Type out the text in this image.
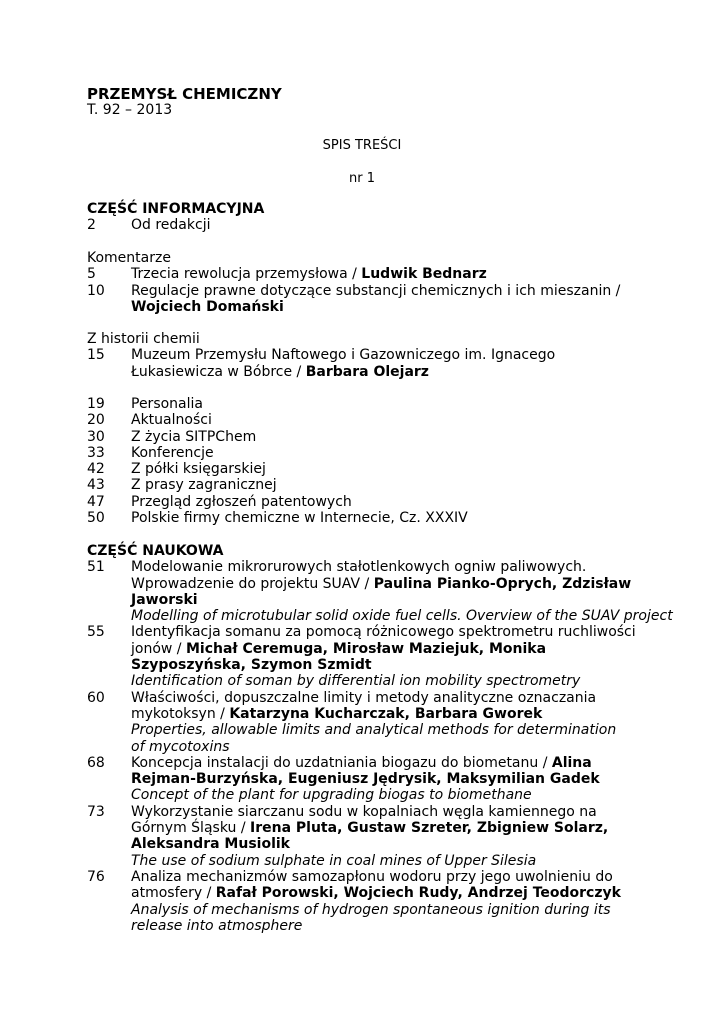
PRZEMYSŁ CHEMICZNY
T. 92 – 2013
SPIS TREŚCI
nr 1
CZĘŚĆ INFORMACYJNA
2	Od redakcji
Komentarze
5	Trzecia rewolucja przemysłowa / Ludwik Bednarz
10	Regulacje prawne dotyczące substancji chemicznych i ich mieszanin / Wojciech Domański
Z historii chemii
15	Muzeum Przemysłu Naftowego i Gazowniczego im. Ignacego Łukasiewicza w Bóbrce / Barbara Olejarz
19	Personalia
20	Aktualności
30	Z życia SITPChem
33	Konferencje
42	Z półki księgarskiej
43	Z prasy zagranicznej
47	Przegląd zgłoszeń patentowych
50	Polskie firmy chemiczne w Internecie, Cz. XXXIV
CZĘŚĆ NAUKOWA
51	Modelowanie mikrorurowych stałotlenkowych ogniw paliwowych. Wprowadzenie do projektu SUAV / Paulina Pianko-Oprych, Zdzisław Jaworski
Modelling of microtubular solid oxide fuel cells. Overview of the SUAV project
55	Identyfikacja somanu za pomocą różnicowego spektrometru ruchliwości jonów / Michał Ceremuga, Mirosław Maziejuk, Monika Szyposzyńska, Szymon Szmidt
Identification of soman by differential ion mobility spectrometry
60	Właściwości, dopuszczalne limity i metody analityczne oznaczania mykotoksyn / Katarzyna Kucharczak, Barbara Gworek
Properties, allowable limits and analytical methods for determination of mycotoxins
68	Koncepcja instalacji do uzdatniania biogazu do biometanu / Alina Rejman-Burzyńska, Eugeniusz Jędrysik, Maksymilian Gadek
Concept of the plant for upgrading biogas to biomethane
73	Wykorzystanie siarczanu sodu w kopalniach węgla kamiennego na Górnym Śląsku / Irena Pluta, Gustaw Szreter, Zbigniew Solarz, Aleksandra Musiolik
The use of sodium sulphate in coal mines of Upper Silesia
76	Analiza mechanizmów samozapłonu wodoru przy jego uwolnieniu do atmosfery / Rafał Porowski, Wojciech Rudy, Andrzej Teodorczyk
Analysis of mechanisms of hydrogen spontaneous ignition during its release into atmosphere
